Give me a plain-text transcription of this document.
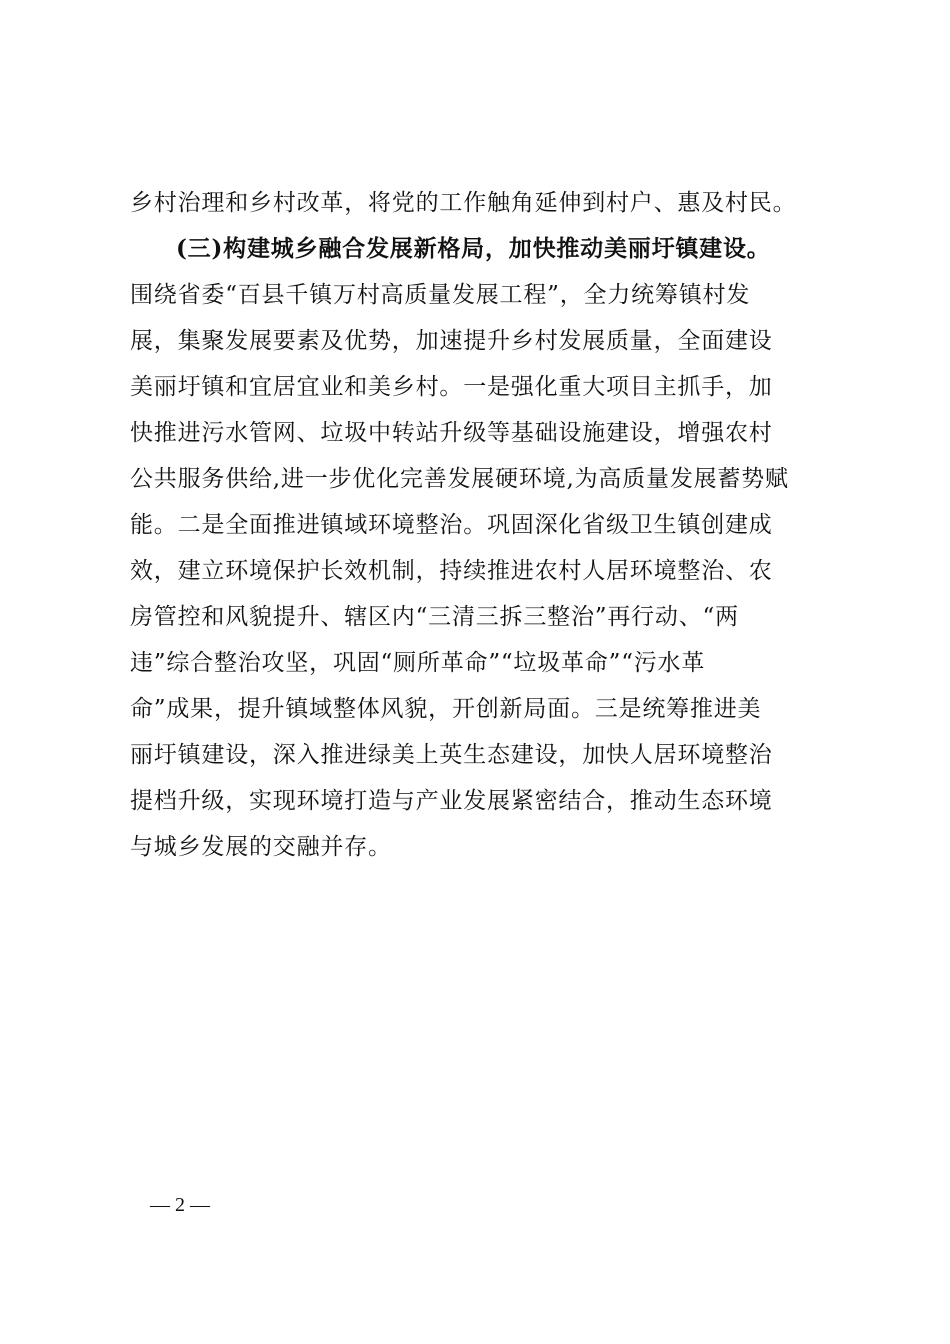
乡村治理和乡村改革，将党的工作触角延伸到村户、惠及村民。
(三)构建城乡融合发展新格局，加快推动美丽圩镇建设。
围绕省委“百县千镇万村高质量发展工程”，全力统筹镇村发
展，集聚发展要素及优势，加速提升乡村发展质量，全面建设
美丽圩镇和宜居宜业和美乡村。一是强化重大项目主抓手，加
快推进污水管网、垃圾中转站升级等基础设施建设，增强农村
公共服务供给,进一步优化完善发展硬环境,为高质量发展蓄势赋
能。二是全面推进镇域环境整治。巩固深化省级卫生镇创建成
效，建立环境保护长效机制，持续推进农村人居环境整治、农
房管控和风貌提升、辖区内“三清三拆三整治”再行动、“两
违”综合整治攻坚，巩固“厕所革命”“垃圾革命”“污水革
命”成果，提升镇域整体风貌，开创新局面。三是统筹推进美
丽圩镇建设，深入推进绿美上英生态建设，加快人居环境整治
提档升级，实现环境打造与产业发展紧密结合，推动生态环境
与城乡发展的交融并存。
— 2 —
